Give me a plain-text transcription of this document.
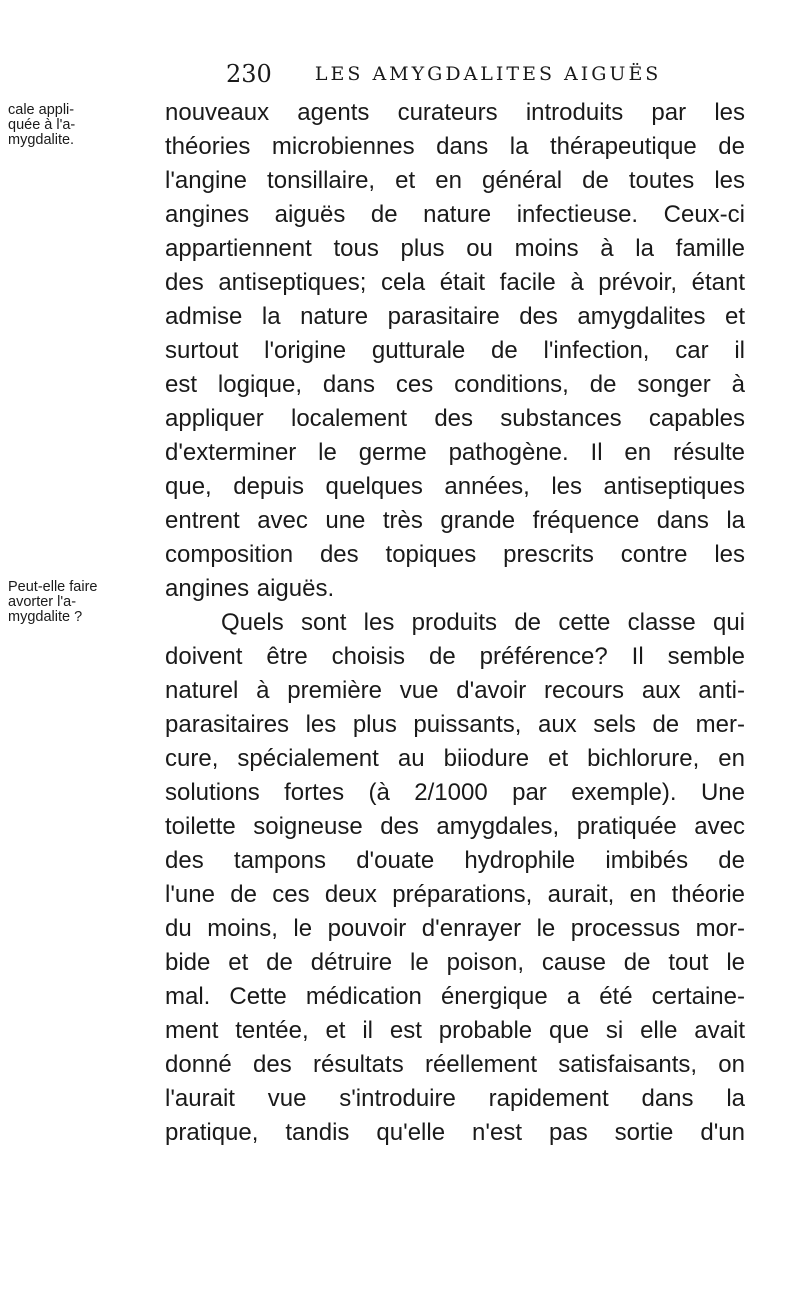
230 LES AMYGDALITES AIGUËS
cale appli-
quée à l'a-
mygdalite.
Peut-elle faire
avorter l'a-
mygdalite ?

nouveaux agents curateurs introduits par les
théories microbiennes dans la thérapeutique de
l'angine tonsillaire, et en général de toutes les
angines aiguës de nature infectieuse. Ceux-ci
appartiennent tous plus ou moins à la famille
des antiseptiques; cela était facile à prévoir, étant
admise la nature parasitaire des amygdalites et
surtout l'origine gutturale de l'infection, car il
est logique, dans ces conditions, de songer à
appliquer localement des substances capables
d'exterminer le germe pathogène. Il en résulte
que, depuis quelques années, les antiseptiques
entrent avec une très grande fréquence dans la
composition des topiques prescrits contre les
angines aiguës.
Quels sont les produits de cette classe qui
doivent être choisis de préférence? Il semble
naturel à première vue d'avoir recours aux anti-
parasitaires les plus puissants, aux sels de mer-
cure, spécialement au biiodure et bichlorure, en
solutions fortes (à 2/1000 par exemple). Une
toilette soigneuse des amygdales, pratiquée avec
des tampons d'ouate hydrophile imbibés de
l'une de ces deux préparations, aurait, en théorie
du moins, le pouvoir d'enrayer le processus mor-
bide et de détruire le poison, cause de tout le
mal. Cette médication énergique a été certaine-
ment tentée, et il est probable que si elle avait
donné des résultats réellement satisfaisants, on
l'aurait vue s'introduire rapidement dans la
pratique, tandis qu'elle n'est pas sortie d'un
